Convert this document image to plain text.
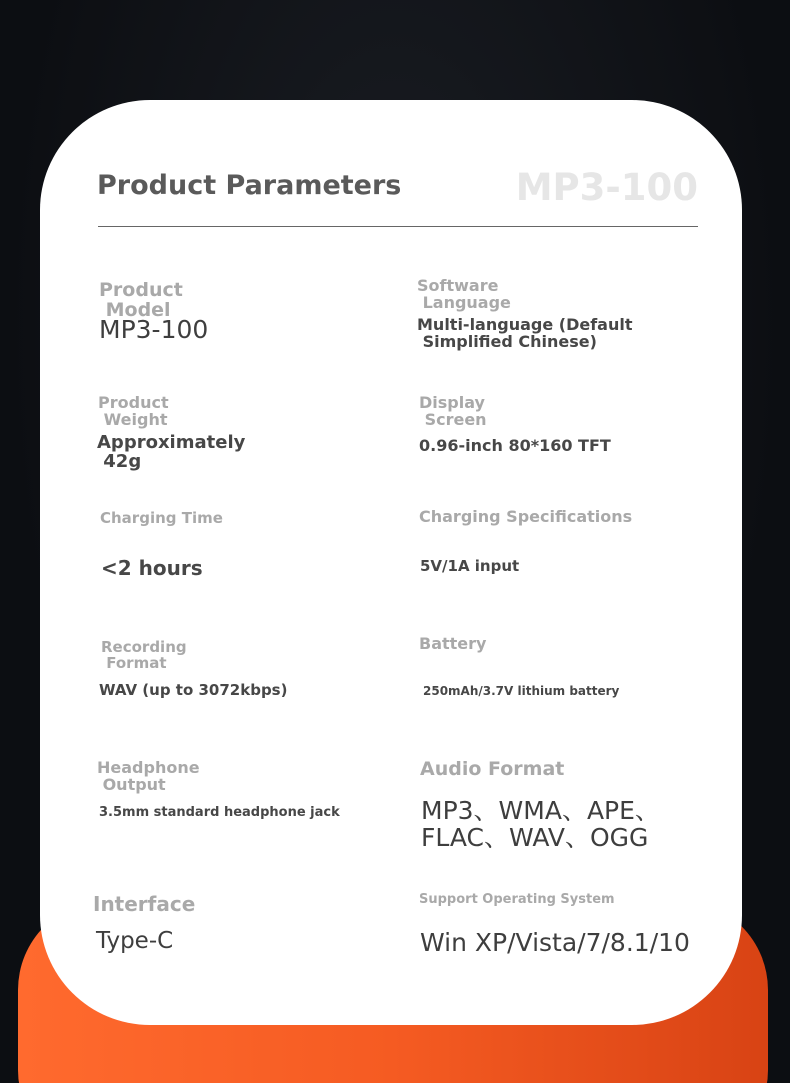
Product Parameters	MP3-100
Product
Model
MP3-100
Software
Language
Multi-language (Default
Simplified Chinese)
Product
Weight
Approximately
42g
Display
Screen
0.96-inch 80*160 TFT
Charging Time
<2 hours
Charging Specifications
5V/1A input
Recording
Format
WAV (up to 3072kbps)
Battery
250mAh/3.7V lithium battery
Headphone
Output
3.5mm standard headphone jack
Audio Format
MP3、WMA、APE、
FLAC、WAV、OGG
Interface
Type-C
Support Operating System
Win XP/Vista/7/8.1/10
